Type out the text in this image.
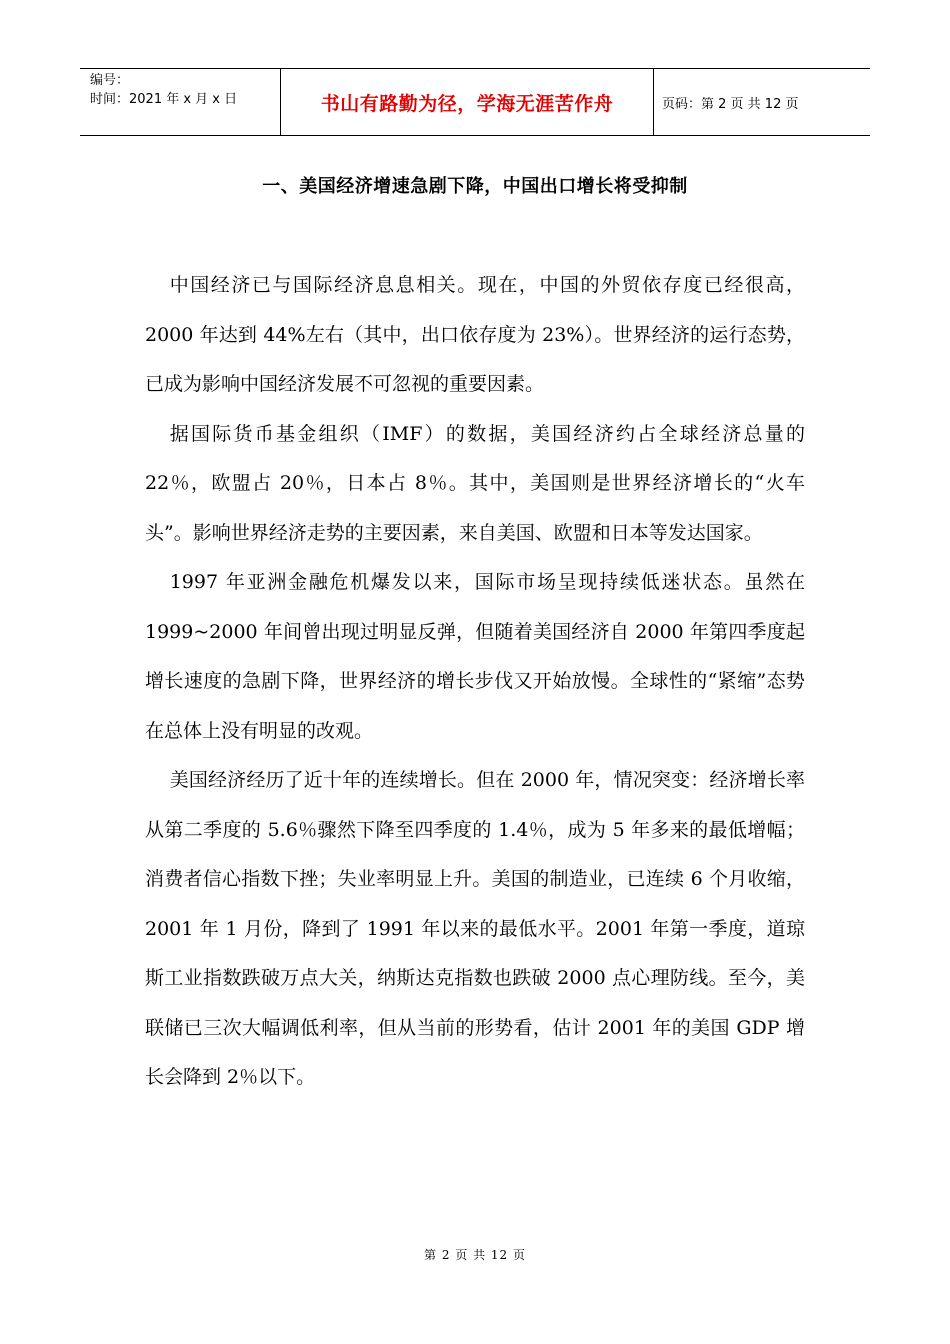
编号：
时间：2021 年 x 月 x 日	书山有路勤为径，学海无涯苦作舟	页码：第 2 页 共 12 页
一、美国经济增速急剧下降，中国出口增长将受抑制

中国经济已与国际经济息息相关。现在，中国的外贸依存度已经很高，2000 年达到 44%左右（其中，出口依存度为 23%）。世界经济的运行态势，已成为影响中国经济发展不可忽视的重要因素。

据国际货币基金组织（IMF）的数据，美国经济约占全球经济总量的 22％，欧盟占 20％，日本占 8％。其中，美国则是世界经济增长的“火车头”。影响世界经济走势的主要因素，来自美国、欧盟和日本等发达国家。

1997 年亚洲金融危机爆发以来，国际市场呈现持续低迷状态。虽然在 1999~2000 年间曾出现过明显反弹，但随着美国经济自 2000 年第四季度起增长速度的急剧下降，世界经济的增长步伐又开始放慢。全球性的“紧缩”态势在总体上没有明显的改观。

美国经济经历了近十年的连续增长。但在 2000 年，情况突变：经济增长率从第二季度的 5.6％骤然下降至四季度的 1.4％，成为 5 年多来的最低增幅；消费者信心指数下挫；失业率明显上升。美国的制造业，已连续 6 个月收缩，2001 年 1 月份，降到了 1991 年以来的最低水平。2001 年第一季度，道琼斯工业指数跌破万点大关，纳斯达克指数也跌破 2000 点心理防线。至今，美联储已三次大幅调低利率，但从当前的形势看，估计 2001 年的美国 GDP 增长会降到 2％以下。

第 2 页 共 12 页
